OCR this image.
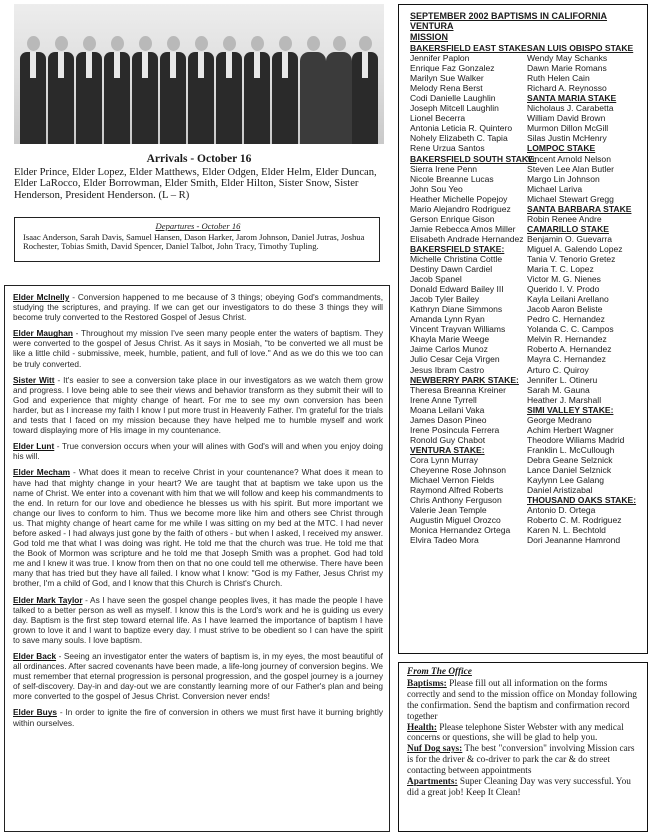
Arrivals - October 16
Elder Prince, Elder Lopez, Elder Matthews, Elder Odgen, Elder Helm, Elder Duncan, Elder LaRocco, Elder Borrowman, Elder Smith, Elder Hilton, Sister Snow, Sister Henderson, President Henderson. (L – R)
Departures - October 16
Isaac Anderson, Sarah Davis, Samuel Hansen, Dason Harker, Jarom Johnson, Daniel Jutras, Joshua Rochester, Tobias Smith, David Spencer, Daniel Talbot, John Tracy, Timothy Tupling.

Elder McInelly - Conversion happened to me because of 3 things; obeying God's commandments, studying the scriptures, and praying. If we can get our investigators to do these 3 things they will become truly converted to the Restored Gospel of Jesus Christ.

Elder Maughan - Throughout my mission I've seen many people enter the waters of baptism. They were converted to the gospel of Jesus Christ. As it says in Mosiah, "to be converted we all must be like a little child - submissive, meek, humble, patient, and full of love." And as we do this we too can be truly converted.

Sister Witt - It's easier to see a conversion take place in our investigators as we watch them grow and progress. I love being able to see their views and behavior transform as they submit their will to God and experience that mighty change of heart. For me to see my own conversion has been harder, but as I increase my faith I know I put more trust in Heavenly Father. I'm grateful for the trials and tests that I faced on my mission because they have helped me to humble myself and work toward displaying more of His image in my countenance.

Elder Lunt - True conversion occurs when your will alines with God's will and when you enjoy doing his will.

Elder Mecham - What does it mean to receive Christ in your countenance? What does it mean to have had that mighty change in your heart? We are taught that at baptism we take upon us the name of Christ. We enter into a covenant with him that we will follow and keep his commandments to the end. In return for our love and obedience he blesses us with his spirit. But more important we change our lives to conform to him. Thus we become more like him and others see Christ through us. That mighty change of heart came for me while I was sitting on my bed at the MTC. I had never before asked - I had always just gone by the faith of others - but when I asked, I received my answer. God told me that what I was doing was right. He told me that the church was true. He told me that the Book of Mormon was scripture and he told me that Joseph Smith was a prophet. God had told me and I knew it was true. I know from then on that no one could tell me otherwise. There have been many that has tried but they have all failed. I know what I know: "God is my Father, Jesus Christ my brother, I'm a child of God, and I know that this Church is Christ's Church.

Elder Mark Taylor - As I have seen the gospel change peoples lives, it has made the people I have talked to a better person as well as myself. I know this is the Lord's work and he is guiding us every day. Baptism is the first step toward eternal life. As I have learned the importance of baptism I have grown to love it and I want to baptize every day. I must strive to be obedient so I can have the spirit to save many souls. I love baptism.

Elder Back - Seeing an investigator enter the waters of baptism is, in my eyes, the most beautiful of all ordinances. After sacred covenants have been made, a life-long journey of conversion begins. We must remember that eternal progression is personal progression, and the gospel journey is a journey of self-discovery. Day-in and day-out we are constantly learning more of our Father's plan and being more converted to the gospel of Jesus Christ. Conversion never ends!

Elder Buys - In order to ignite the fire of conversion in others we must first have it burning brightly within ourselves.

SEPTEMBER 2002 BAPTISMS IN CALIFORNIA VENTURA
MISSION
BAKERSFIELD EAST STAKE:
Jennifer Paplon
Enrique Faz Gonzalez
Marilyn Sue Walker
Melody Rena Berst
Codi Danielle Laughlin
Joseph Mitcell Laughlin
Lionel Becerra
Antonia Leticia R. Quintero
Nohely Elizabeth C. Tapia
Rene Urzua Santos
BAKERSFIELD SOUTH STAKE:
Sierra Irene Penn
Nicole Breanne Lucas
John Sou Yeo
Heather Michelle Popejoy
Mario Alejandro Rodriguez
Gerson Enrique Gison
Jamie Rebecca Amos Miller
Elisabeth Andrade Hernandez
BAKERSFIELD STAKE:
Michelle Christina Cottle
Destiny Dawn Cardiel
Jacob Spanel
Donald Edward Bailey III
Jacob Tyler Bailey
Kathryn Diane Simmons
Amanda Lynn Ryan
Vincent Trayvan Williams
Khayla Marie Weege
Jaime Carlos Munoz
Julio Cesar Ceja Virgen
Jesus Ibram Castro
NEWBERRY PARK STAKE:
Theresa Breanna Kreiner
Irene Anne Tyrrell
Moana Leilani Vaka
James Dason Pineo
Irene Posincula Ferrera
Ronold Guy Chabot
VENTURA STAKE:
Cora Lynn Murray
Cheyenne Rose Johnson
Michael Vernon Fields
Raymond Alfred Roberts
Chris Anthony Ferguson
Valerie Jean Temple
Augustin Miguel Orozco
Monica Hernandez Ortega
Elvira Tadeo Mora
SAN LUIS OBISPO STAKE
Wendy May Schanks
Dawn Marie Romans
Ruth Helen Cain
Richard A. Reynosso
SANTA MARIA STAKE
Nicholaus J. Carabetta
William David Brown
Murmon Dillon McGill
Silas Justin McHenry
LOMPOC STAKE
Vincent Arnold Nelson
Steven Lee Alan Butler
Margo Lin Johnson
Michael Lariva
Michael Stewart Gregg
SANTA BARBARA STAKE
Robin Renee Andre
CAMARILLO STAKE
Benjamin O. Guevarra
Miguel A. Galendo Lopez
Tania V. Tenorio Gretez
Maria T. C. Lopez
Victor M. G. Nienes
Querido I. V. Prodo
Kayla Leilani Arellano
Jacob Aaron Beliste
Pedro C. Hernandez
Yolanda C. C. Campos
Melvin R. Hernandez
Roberto A. Hernandez
Mayra C. Hernandez
Arturo C. Quiroy
Jennifer L. Otineru
Sarah M. Gauna
Heather J. Marshall
SIMI VALLEY STAKE:
George Medrano
Achim Herbert Wagner
Theodore Wiliams Madrid
Franklin L. McCullough
Debra Geane Selznick
Lance Daniel Selznick
Kaylynn Lee Galang
Daniel Aristizabal
THOUSAND OAKS STAKE:
Antonio D. Ortega
Roberto C. M. Rodriguez
Karen N. L. Bechtold
Dori Jeananne Hamrond
From The Office

Baptisms: Please fill out all information on the forms correctly and send to the mission office on Monday following the confirmation. Send the baptism and confirmation record together

Health: Please telephone Sister Webster with any medical concerns or questions, she will be glad to help you.

Nuf Dog says: The best "conversion" involving Mission cars is for the driver & co-driver to park the car & do street contacting between appointments

Apartments: Super Cleaning Day was very successful. You did a great job! Keep It Clean!
